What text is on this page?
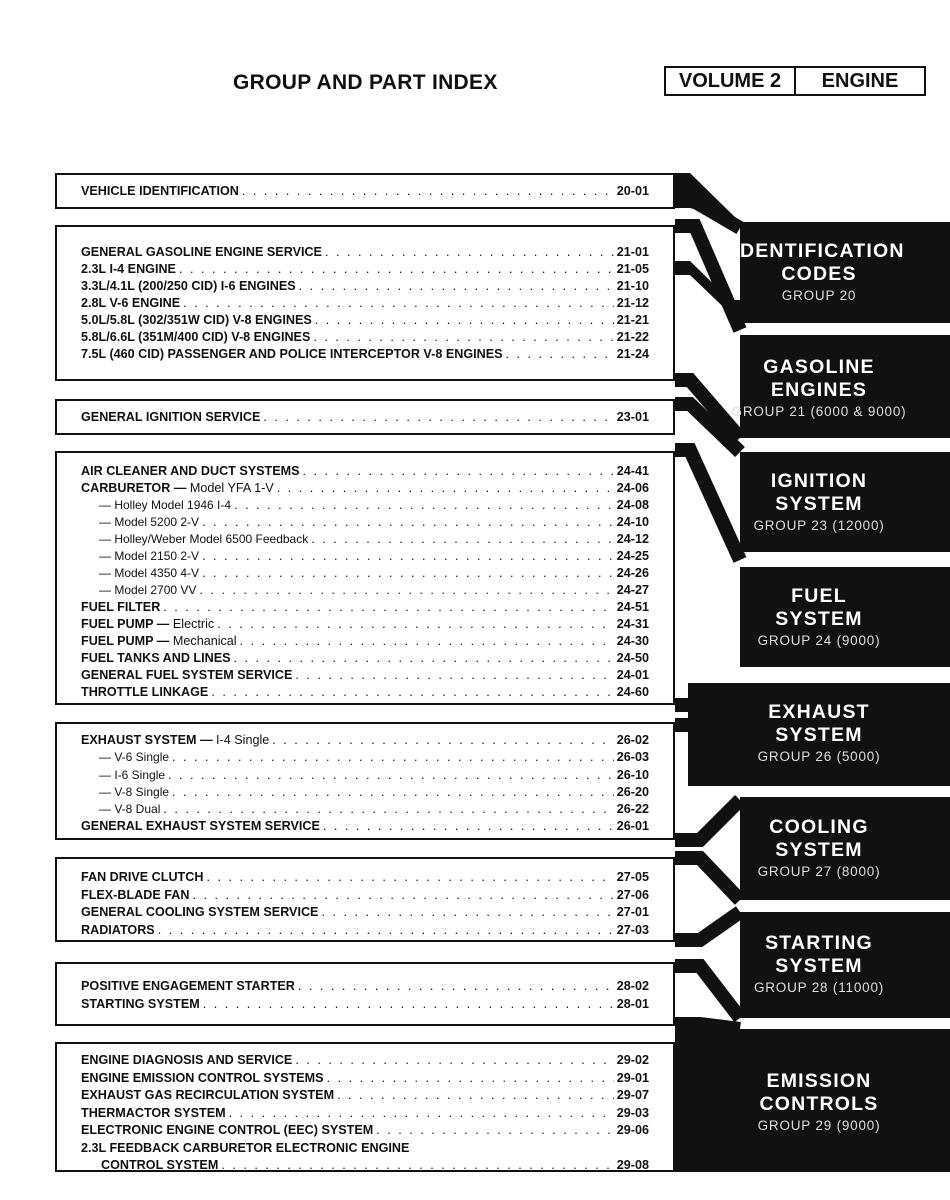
GROUP AND PART INDEX	VOLUME 2	ENGINE
VEHICLE IDENTIFICATION . . .	20-01
GENERAL GASOLINE ENGINE SERVICE . . .	21-01
2.3L I-4 ENGINE . . .	21-05
3.3L/4.1L (200/250 CID) I-6 ENGINES . . .	21-10
2.8L V-6 ENGINE . . .	21-12
5.0L/5.8L (302/351W CID) V-8 ENGINES . . .	21-21
5.8L/6.6L (351M/400 CID) V-8 ENGINES . . .	21-22
7.5L (460 CID) PASSENGER AND POLICE INTERCEPTOR V-8 ENGINES . . .	21-24
GENERAL IGNITION SERVICE . . .	23-01
AIR CLEANER AND DUCT SYSTEMS . . .	24-41
CARBURETOR — Model YFA 1-V . . .	24-06
— Holley Model 1946 I-4 . . .	24-08
— Model 5200 2-V . . .	24-10
— Holley/Weber Model 6500 Feedback . . .	24-12
— Model 2150 2-V . . .	24-25
— Model 4350 4-V . . .	24-26
— Model 2700 VV . . .	24-27
FUEL FILTER . . .	24-51
FUEL PUMP — Electric . . .	24-31
FUEL PUMP — Mechanical . . .	24-30
FUEL TANKS AND LINES . . .	24-50
GENERAL FUEL SYSTEM SERVICE . . .	24-01
THROTTLE LINKAGE . . .	24-60
EXHAUST SYSTEM — I-4 Single . . .	26-02
— V-6 Single . . .	26-03
— I-6 Single . . .	26-10
— V-8 Single . . .	26-20
— V-8 Dual . . .	26-22
GENERAL EXHAUST SYSTEM SERVICE . . .	26-01
FAN DRIVE CLUTCH . . .	27-05
FLEX-BLADE FAN . . .	27-06
GENERAL COOLING SYSTEM SERVICE . . .	27-01
RADIATORS . . .	27-03
POSITIVE ENGAGEMENT STARTER . . .	28-02
STARTING SYSTEM . . .	28-01
ENGINE DIAGNOSIS AND SERVICE . . .	29-02
ENGINE EMISSION CONTROL SYSTEMS . . .	29-01
EXHAUST GAS RECIRCULATION SYSTEM . . .	29-07
THERMACTOR SYSTEM . . .	29-03
ELECTRONIC ENGINE CONTROL (EEC) SYSTEM . . .	29-06
2.3L FEEDBACK CARBURETOR ELECTRONIC ENGINE
CONTROL SYSTEM . . .	29-08
IDENTIFICATION
CODES
GROUP 20
GASOLINE
ENGINES
GROUP 21 (6000 & 9000)
IGNITION
SYSTEM
GROUP 23 (12000)
FUEL
SYSTEM
GROUP 24 (9000)
EXHAUST
SYSTEM
GROUP 26 (5000)
COOLING
SYSTEM
GROUP 27 (8000)
STARTING
SYSTEM
GROUP 28 (11000)
EMISSION
CONTROLS
GROUP 29 (9000)
